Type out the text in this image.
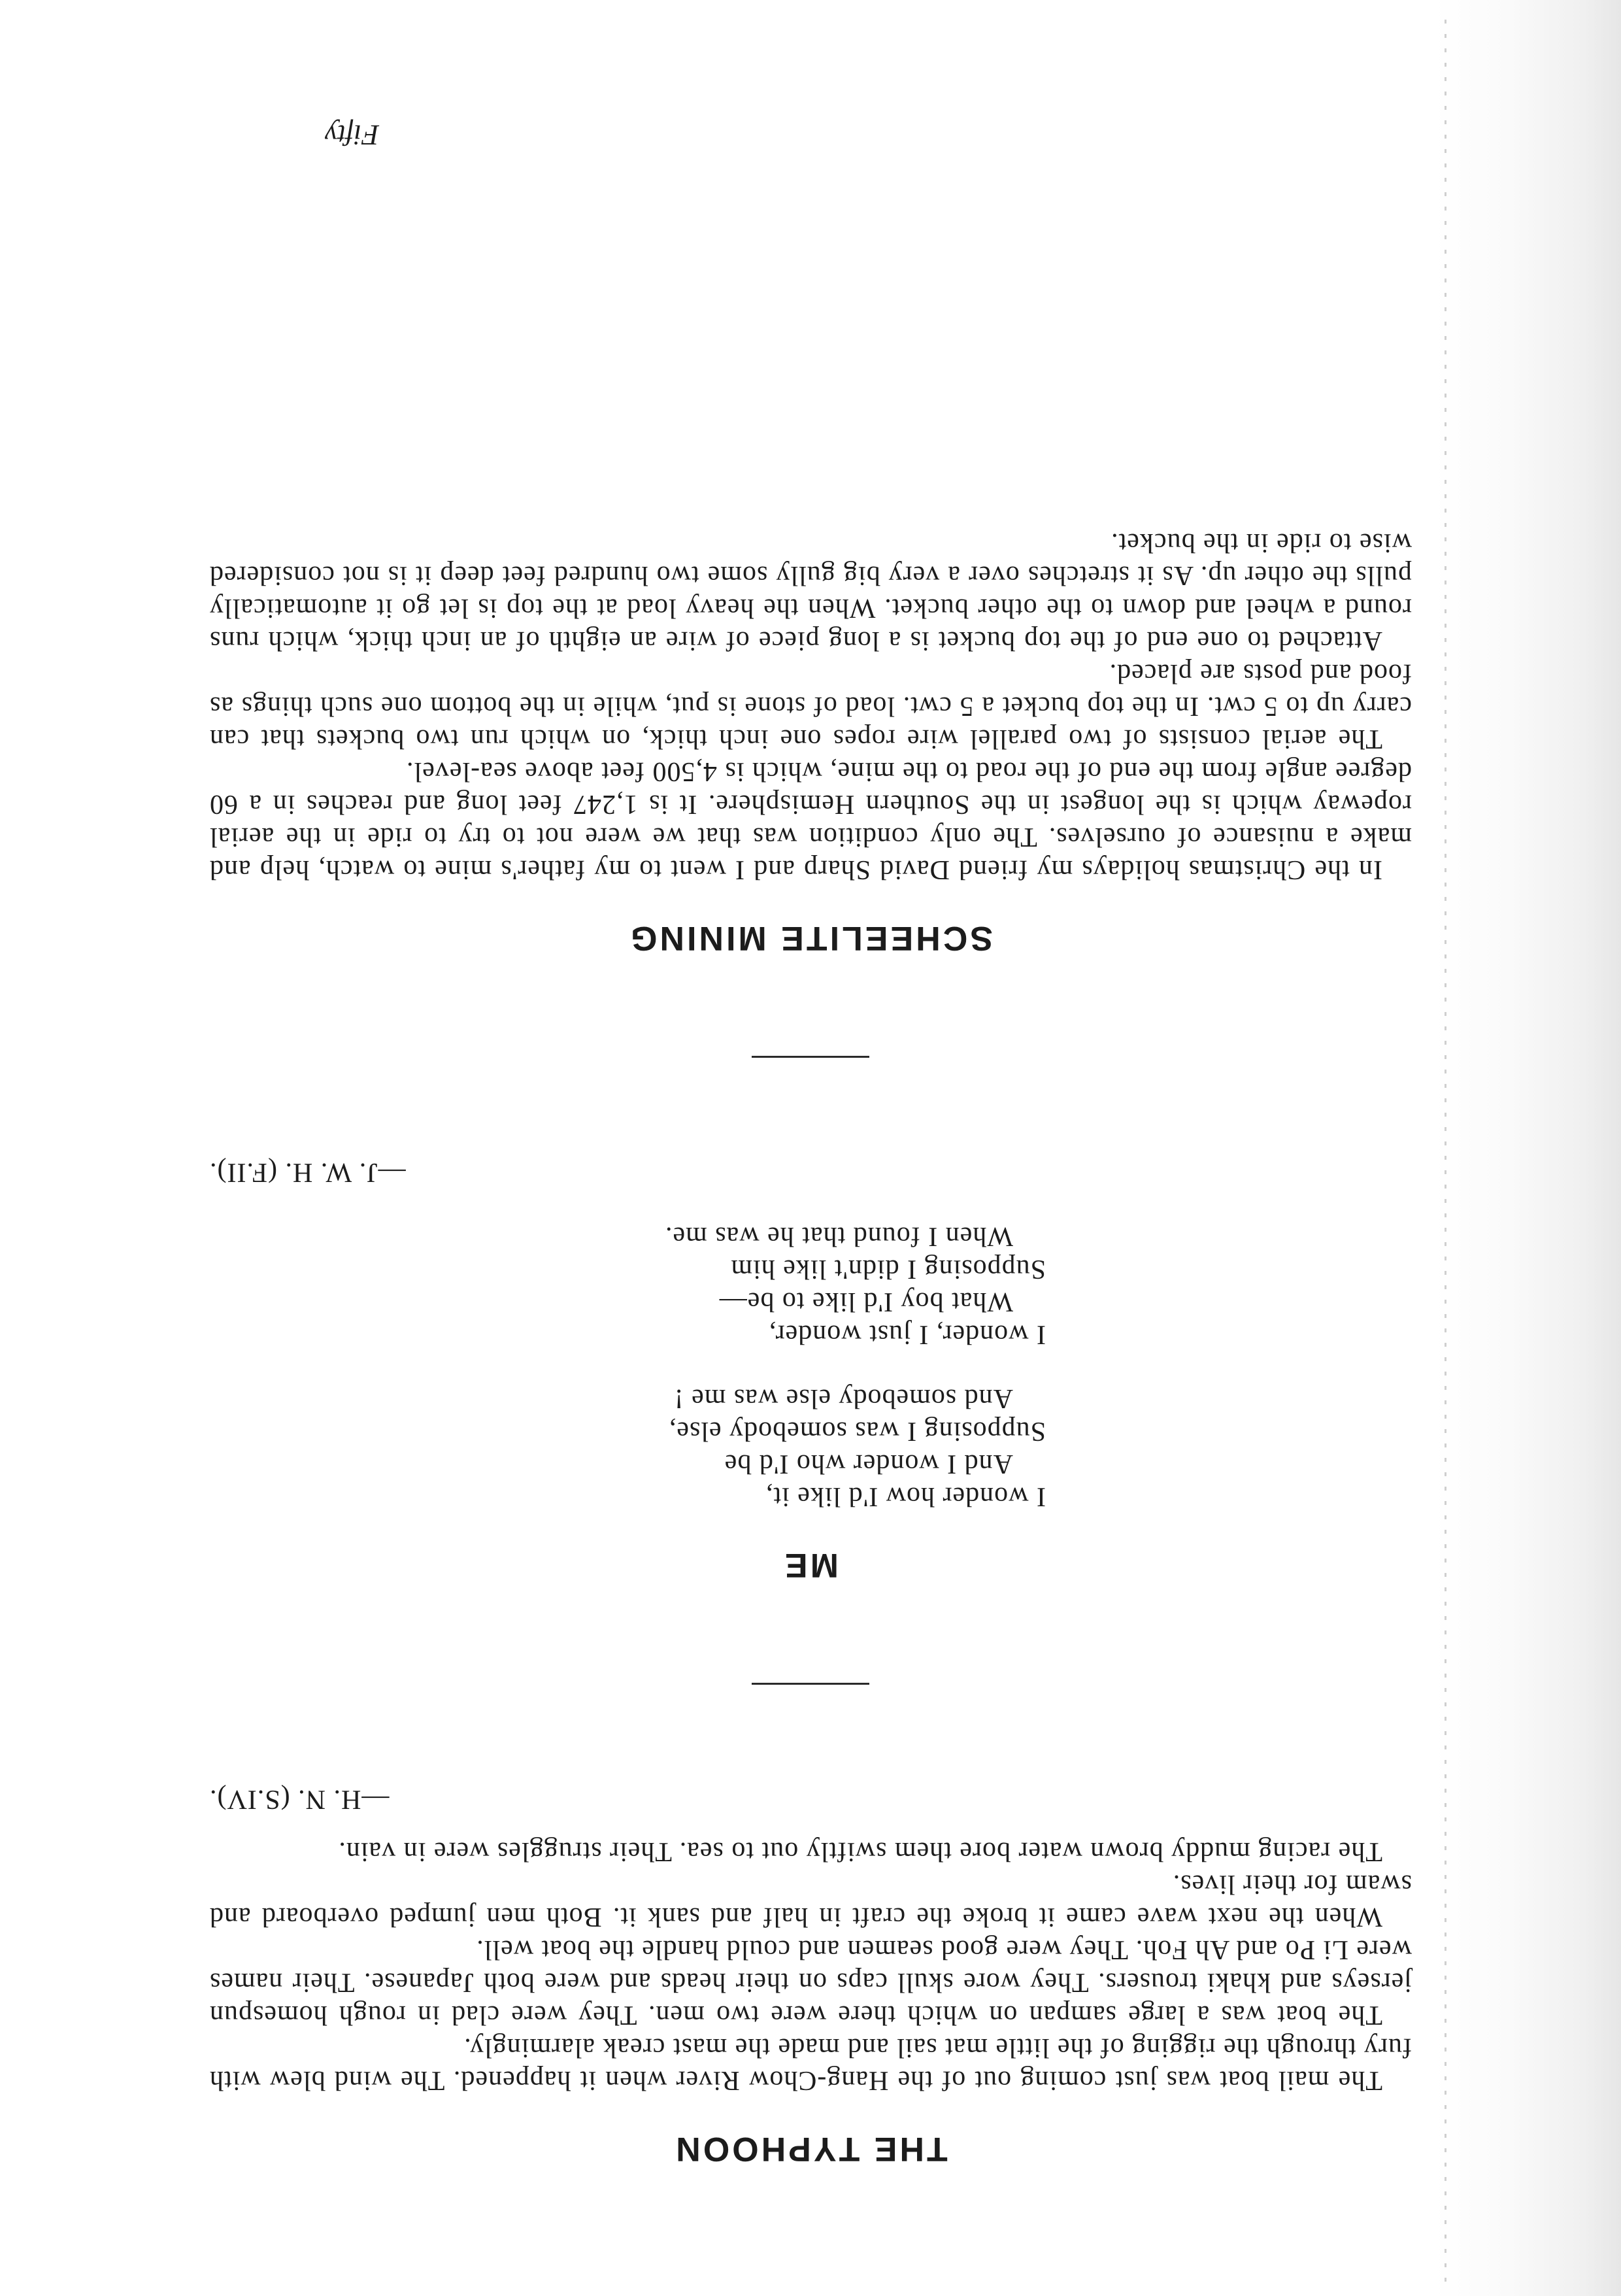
THE TYPHOON

The mail boat was just coming out of the Hang-Chow River when it happened. The wind blew with fury through the rigging of the little mat sail and made the mast creak alarmingly.

The boat was a large sampan on which there were two men. They were clad in rough homespun jerseys and khaki trousers. They wore skull caps on their heads and were both Japanese. Their names were Li Po and Ah Foh. They were good seamen and could handle the boat well.

When the next wave came it broke the craft in half and sank it. Both men jumped overboard and swam for their lives.

The racing muddy brown water bore them swiftly out to sea. Their struggles were in vain.

—H. N. (S.IV).
ME
I wonder how I'd like it,
And I wonder who I'd be
Supposing I was somebody else,
And somebody else was me !
I wonder, I just wonder,
What boy I'd like to be—
Supposing I didn't like him
When I found that he was me.
—J. W. H. (F.II).
SCHEELITE MINING

In the Christmas holidays my friend David Sharp and I went to my father's mine to watch, help and make a nuisance of ourselves. The only condition was that we were not to try to ride in the aerial ropeway which is the longest in the Southern Hemisphere. It is 1,247 feet long and reaches in a 60 degree angle from the end of the road to the mine, which is 4,500 feet above sea-level.

The aerial consists of two parallel wire ropes one inch thick, on which run two buckets that can carry up to 5 cwt. In the top bucket a 5 cwt. load of stone is put, while in the bottom one such things as food and posts are placed.

Attached to one end of the top bucket is a long piece of wire an eighth of an inch thick, which runs round a wheel and down to the other bucket. When the heavy load at the top is let go it automatically pulls the other up. As it stretches over a very big gully some two hundred feet deep it is not considered wise to ride in the bucket.

Fifty
